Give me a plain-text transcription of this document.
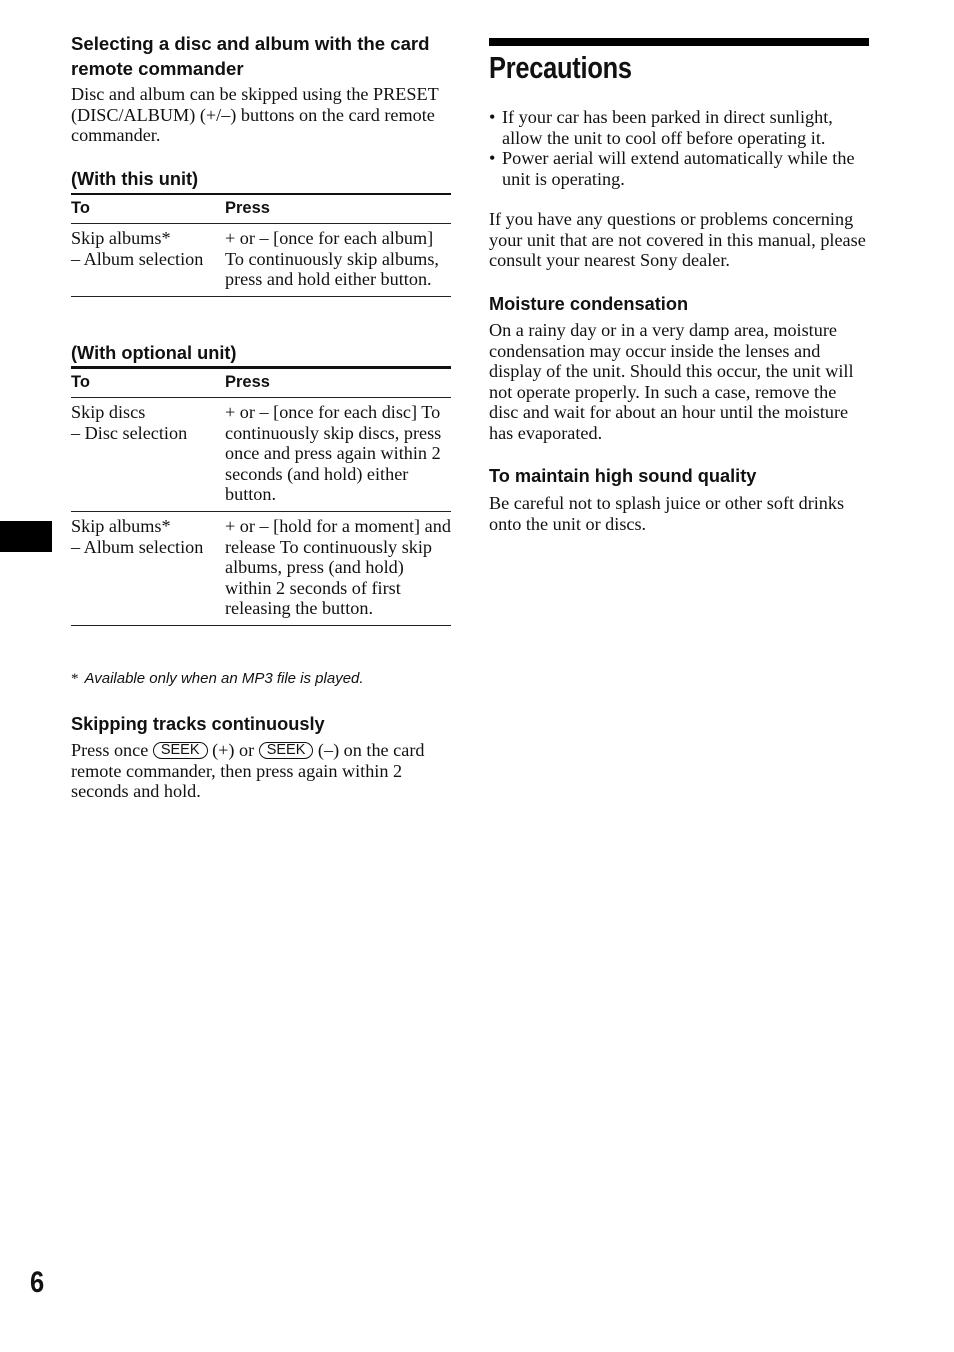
Selecting a disc and album with the card remote commander

Disc and album can be skipped using the PRESET (DISC/ALBUM) (+/–) buttons on the card remote commander.

(With this unit)
To	Press

Skip albums*
– Album selection	+ or – [once for each album] To continuously skip albums, press and hold either button.
(With optional unit)
To	Press

Skip discs
– Disc selection	+ or – [once for each disc] To continuously skip discs, press once and press again within 2 seconds (and hold) either button.

Skip albums*
– Album selection	+ or – [hold for a moment] and release To continuously skip albums, press (and hold) within 2 seconds of first releasing the button.
* Available only when an MP3 file is played.
Skipping tracks continuously

Press once SEEK (+) or SEEK (–) on the card remote commander, then press again within 2 seconds and hold.

Precautions
• If your car has been parked in direct sunlight, allow the unit to cool off before operating it.
• Power aerial will extend automatically while the unit is operating.

If you have any questions or problems concerning your unit that are not covered in this manual, please consult your nearest Sony dealer.

Moisture condensation

On a rainy day or in a very damp area, moisture condensation may occur inside the lenses and display of the unit. Should this occur, the unit will not operate properly. In such a case, remove the disc and wait for about an hour until the moisture has evaporated.

To maintain high sound quality

Be careful not to splash juice or other soft drinks onto the unit or discs.

6
